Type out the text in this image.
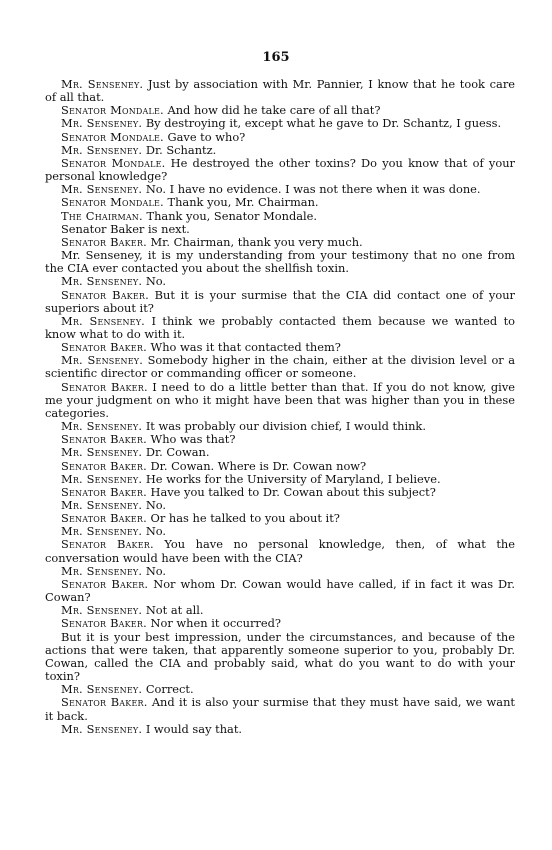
165

Mr. Senseney. Just by association with Mr. Pannier, I know that he took care of all that.

Senator Mondale. And how did he take care of all that?

Mr. Senseney. By destroying it, except what he gave to Dr. Schantz, I guess.

Senator Mondale. Gave to who?

Mr. Senseney. Dr. Schantz.

Senator Mondale. He destroyed the other toxins? Do you know that of your personal knowledge?

Mr. Senseney. No. I have no evidence. I was not there when it was done.

Senator Mondale. Thank you, Mr. Chairman.

The Chairman. Thank you, Senator Mondale.

Senator Baker is next.

Senator Baker. Mr. Chairman, thank you very much.

Mr. Senseney, it is my understanding from your testimony that no one from the CIA ever contacted you about the shellfish toxin.

Mr. Senseney. No.

Senator Baker. But it is your surmise that the CIA did contact one of your superiors about it?

Mr. Senseney. I think we probably contacted them because we wanted to know what to do with it.

Senator Baker. Who was it that contacted them?

Mr. Senseney. Somebody higher in the chain, either at the division level or a scientific director or commanding officer or someone.

Senator Baker. I need to do a little better than that. If you do not know, give me your judgment on who it might have been that was higher than you in these categories.

Mr. Senseney. It was probably our division chief, I would think.

Senator Baker. Who was that?

Mr. Senseney. Dr. Cowan.

Senator Baker. Dr. Cowan. Where is Dr. Cowan now?

Mr. Senseney. He works for the University of Maryland, I believe.

Senator Baker. Have you talked to Dr. Cowan about this subject?

Mr. Senseney. No.

Senator Baker. Or has he talked to you about it?

Mr. Senseney. No.

Senator Baker. You have no personal knowledge, then, of what the conversation would have been with the CIA?

Mr. Senseney. No.

Senator Baker. Nor whom Dr. Cowan would have called, if in fact it was Dr. Cowan?

Mr. Senseney. Not at all.

Senator Baker. Nor when it occurred?

But it is your best impression, under the circumstances, and because of the actions that were taken, that apparently someone superior to you, probably Dr. Cowan, called the CIA and probably said, what do you want to do with your toxin?

Mr. Senseney. Correct.

Senator Baker. And it is also your surmise that they must have said, we want it back.

Mr. Senseney. I would say that.
